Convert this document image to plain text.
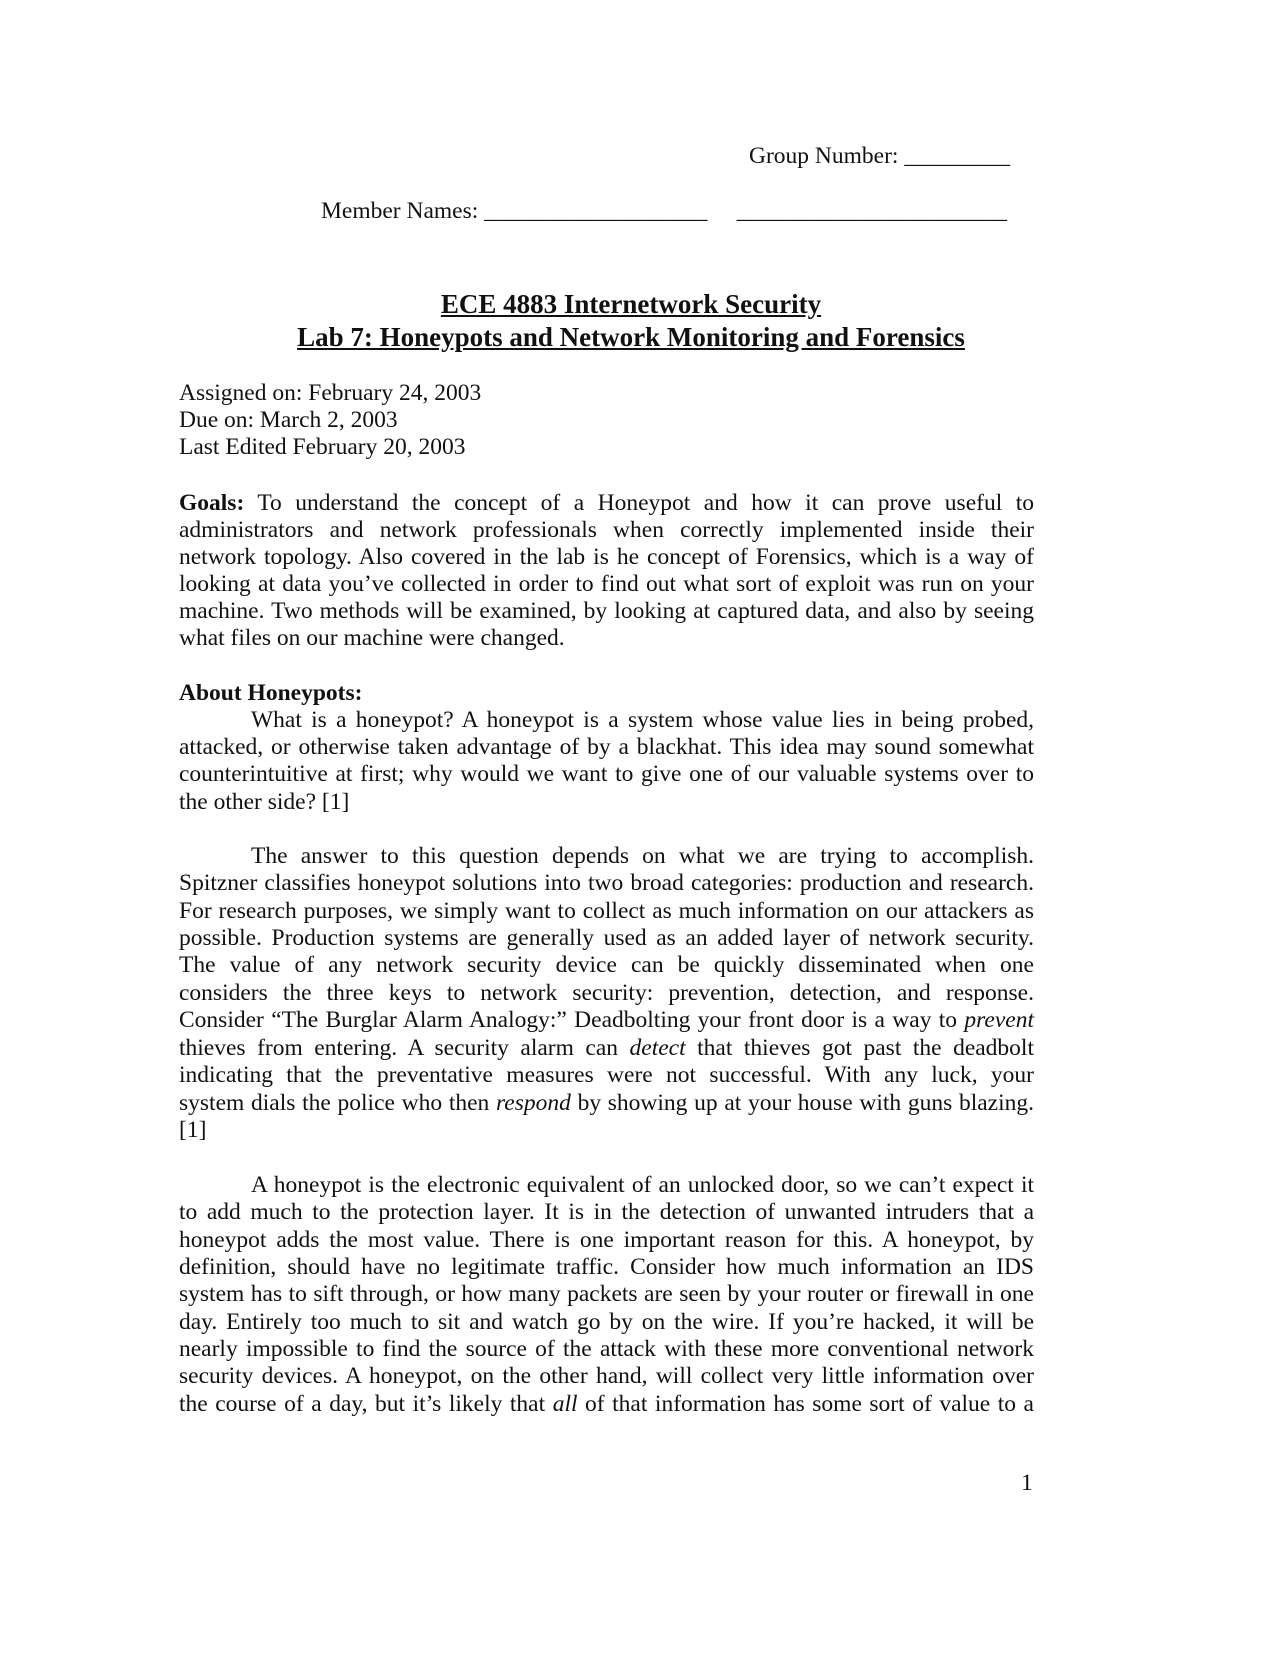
Group Number: _________
Member Names: ___________________     _______________________
ECE 4883 Internetwork Security
Lab 7: Honeypots and Network Monitoring and Forensics
Assigned on: February 24, 2003
Due on: March 2, 2003
Last Edited February 20, 2003
Goals: To understand the concept of a Honeypot and how it can prove useful to
administrators and network professionals when correctly implemented inside their
network topology. Also covered in the lab is he concept of Forensics, which is a way of
looking at data you’ve collected in order to find out what sort of exploit was run on your
machine. Two methods will be examined, by looking at captured data, and also by seeing
what files on our machine were changed.
About Honeypots:
What is a honeypot? A honeypot is a system whose value lies in being probed,
attacked, or otherwise taken advantage of by a blackhat. This idea may sound somewhat
counterintuitive at first; why would we want to give one of our valuable systems over to
the other side? [1]
The answer to this question depends on what we are trying to accomplish.
Spitzner classifies honeypot solutions into two broad categories: production and research.
For research purposes, we simply want to collect as much information on our attackers as
possible. Production systems are generally used as an added layer of network security.
The value of any network security device can be quickly disseminated when one
considers the three keys to network security: prevention, detection, and response.
Consider “The Burglar Alarm Analogy:” Deadbolting your front door is a way to prevent
thieves from entering. A security alarm can detect that thieves got past the deadbolt
indicating that the preventative measures were not successful. With any luck, your
system dials the police who then respond by showing up at your house with guns blazing.
[1]
A honeypot is the electronic equivalent of an unlocked door, so we can’t expect it
to add much to the protection layer. It is in the detection of unwanted intruders that a
honeypot adds the most value. There is one important reason for this. A honeypot, by
definition, should have no legitimate traffic. Consider how much information an IDS
system has to sift through, or how many packets are seen by your router or firewall in one
day. Entirely too much to sit and watch go by on the wire. If you’re hacked, it will be
nearly impossible to find the source of the attack with these more conventional network
security devices. A honeypot, on the other hand, will collect very little information over
the course of a day, but it’s likely that all of that information has some sort of value to a
1
